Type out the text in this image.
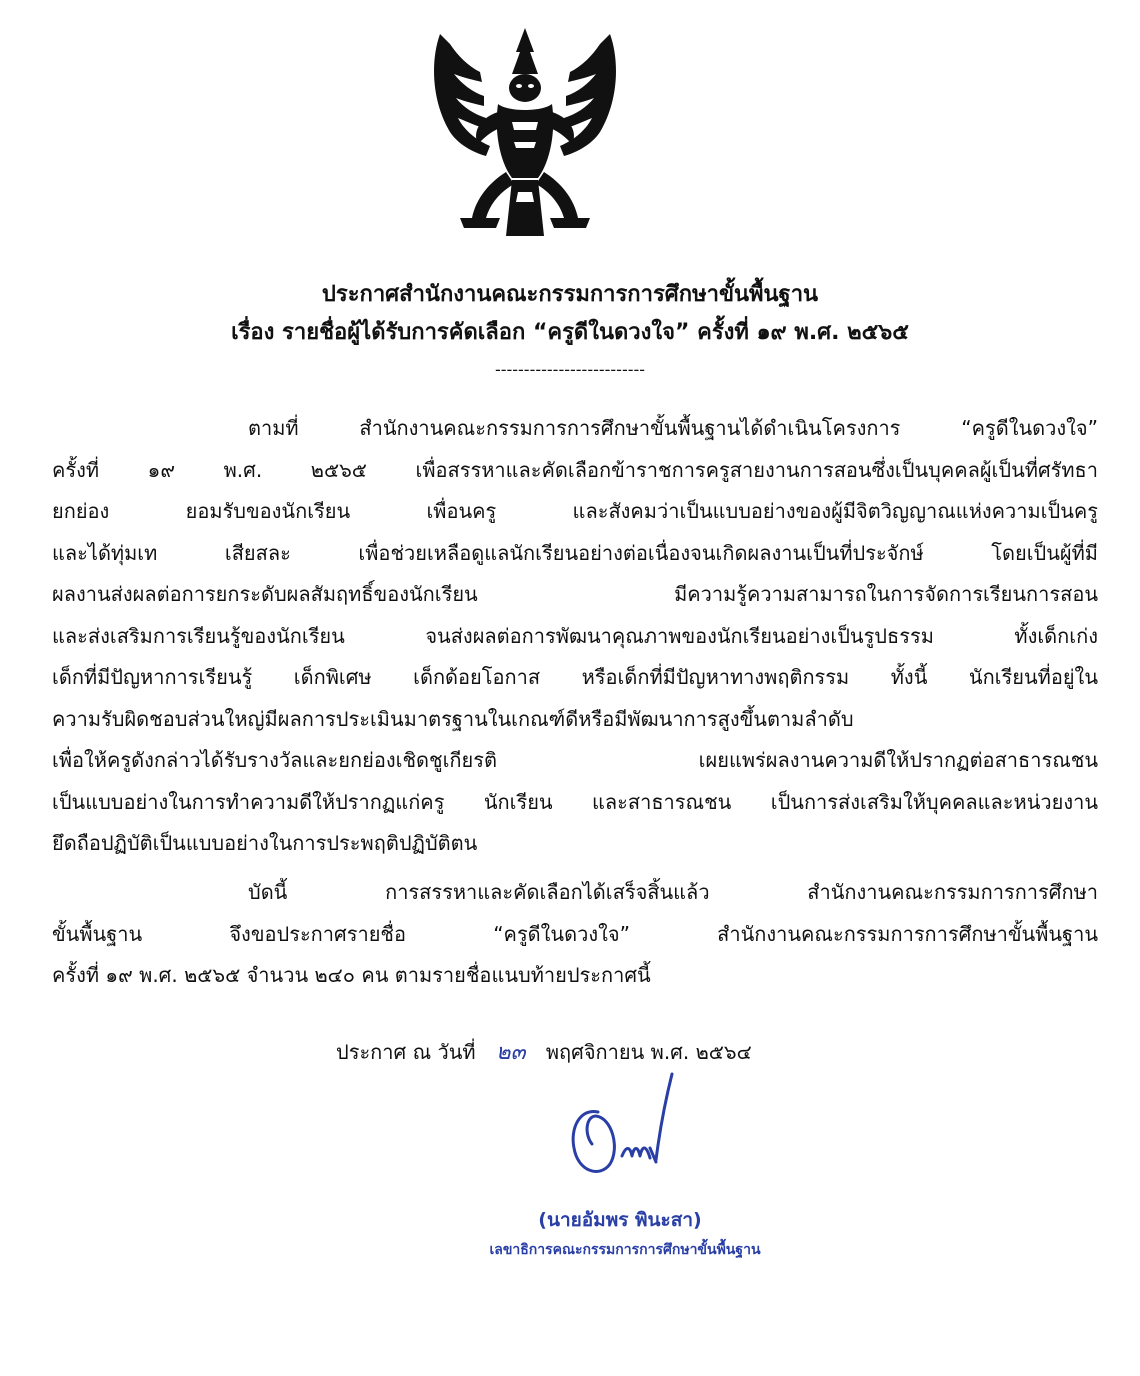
ประกาศสำนักงานคณะกรรมการการศึกษาขั้นพื้นฐาน
เรื่อง รายชื่อผู้ได้รับการคัดเลือก “ครูดีในดวงใจ” ครั้งที่ ๑๙ พ.ศ. ๒๕๖๕
--------------------------
ตามที่ สำนักงานคณะกรรมการการศึกษาขั้นพื้นฐานได้ดำเนินโครงการ “ครูดีในดวงใจ”
ครั้งที่ ๑๙ พ.ศ. ๒๕๖๕ เพื่อสรรหาและคัดเลือกข้าราชการครูสายงานการสอนซึ่งเป็นบุคคลผู้เป็นที่ศรัทธา
ยกย่อง ยอมรับของนักเรียน เพื่อนครู และสังคมว่าเป็นแบบอย่างของผู้มีจิตวิญญาณแห่งความเป็นครู
และได้ทุ่มเท เสียสละ เพื่อช่วยเหลือดูแลนักเรียนอย่างต่อเนื่องจนเกิดผลงานเป็นที่ประจักษ์ โดยเป็นผู้ที่มี
ผลงานส่งผลต่อการยกระดับผลสัมฤทธิ์ของนักเรียน มีความรู้ความสามารถในการจัดการเรียนการสอน
และส่งเสริมการเรียนรู้ของนักเรียน จนส่งผลต่อการพัฒนาคุณภาพของนักเรียนอย่างเป็นรูปธรรม ทั้งเด็กเก่ง
เด็กที่มีปัญหาการเรียนรู้ เด็กพิเศษ เด็กด้อยโอกาส หรือเด็กที่มีปัญหาทางพฤติกรรม ทั้งนี้ นักเรียนที่อยู่ใน
ความรับผิดชอบส่วนใหญ่มีผลการประเมินมาตรฐานในเกณฑ์ดีหรือมีพัฒนาการสูงขึ้นตามลำดับ
เพื่อให้ครูดังกล่าวได้รับรางวัลและยกย่องเชิดชูเกียรติ เผยแพร่ผลงานความดีให้ปรากฏต่อสาธารณชน
เป็นแบบอย่างในการทำความดีให้ปรากฏแก่ครู นักเรียน และสาธารณชน เป็นการส่งเสริมให้บุคคลและหน่วยงาน
ยึดถือปฏิบัติเป็นแบบอย่างในการประพฤติปฏิบัติตน
บัดนี้ การสรรหาและคัดเลือกได้เสร็จสิ้นแล้ว สำนักงานคณะกรรมการการศึกษา
ขั้นพื้นฐาน จึงขอประกาศรายชื่อ “ครูดีในดวงใจ” สำนักงานคณะกรรมการการศึกษาขั้นพื้นฐาน
ครั้งที่ ๑๙ พ.ศ. ๒๕๖๕ จำนวน ๒๔๐ คน ตามรายชื่อแนบท้ายประกาศนี้
ประกาศ ณ วันที่ ๒๓ พฤศจิกายน พ.ศ. ๒๕๖๔
(นายอัมพร พินะสา)
เลขาธิการคณะกรรมการการศึกษาขั้นพื้นฐาน
